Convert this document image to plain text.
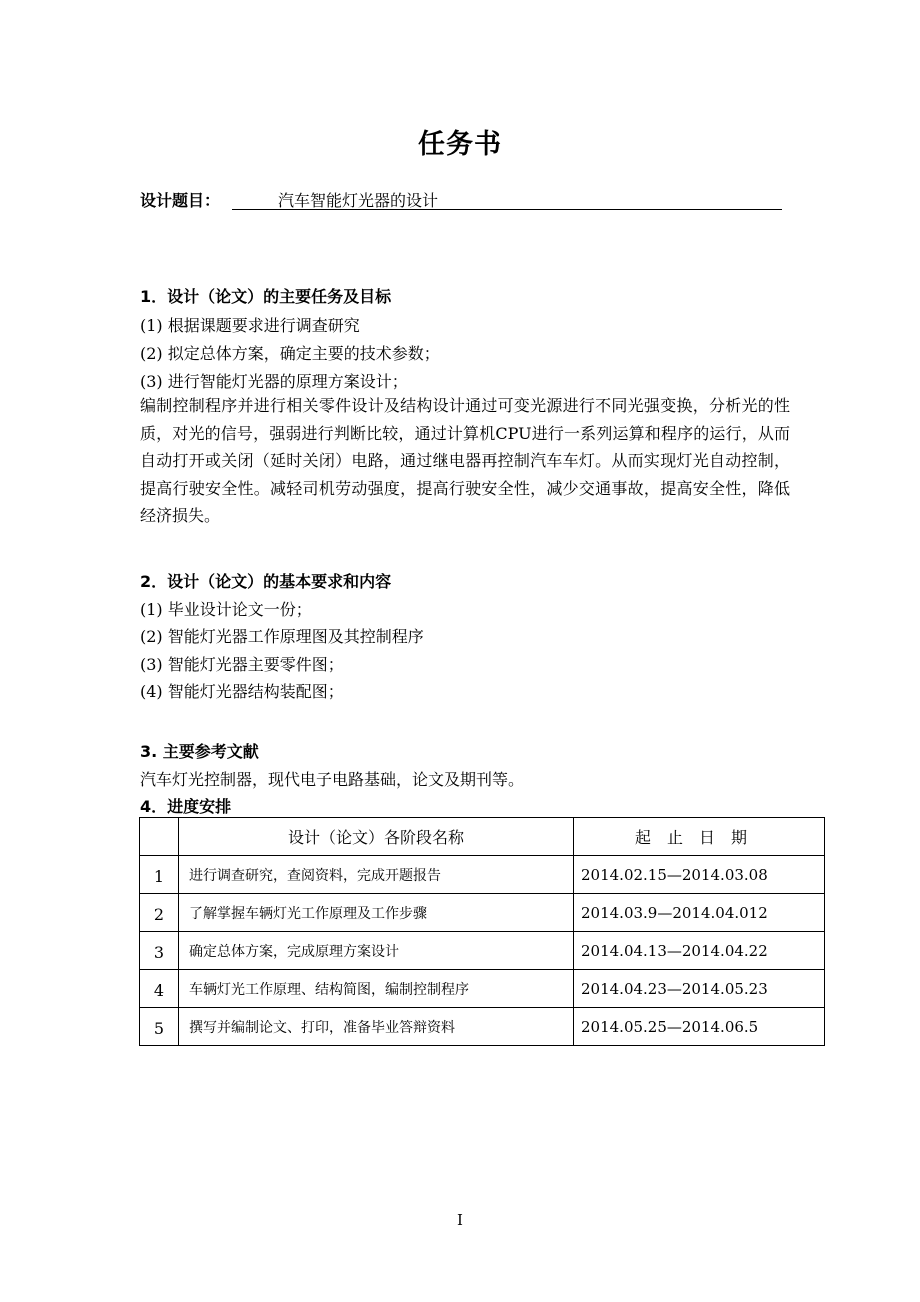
任务书
设计题目：	汽车智能灯光器的设计
1．设计（论文）的主要任务及目标
(1) 根据课题要求进行调查研究
(2) 拟定总体方案，确定主要的技术参数；
(3) 进行智能灯光器的原理方案设计；
编制控制程序并进行相关零件设计及结构设计通过可变光源进行不同光强变换，分析光的性质，对光的信号，强弱进行判断比较，通过计算机CPU进行一系列运算和程序的运行，从而自动打开或关闭（延时关闭）电路，通过继电器再控制汽车车灯。从而实现灯光自动控制，提高行驶安全性。减轻司机劳动强度，提高行驶安全性，减少交通事故，提高安全性，降低经济损失。
2．设计（论文）的基本要求和内容
(1) 毕业设计论文一份；
(2) 智能灯光器工作原理图及其控制程序
(3) 智能灯光器主要零件图；
(4) 智能灯光器结构装配图；
3. 主要参考文献
汽车灯光控制器，现代电子电路基础，论文及期刊等。
4．进度安排
	设计（论文）各阶段名称	起止日期
1	进行调查研究，查阅资料，完成开题报告	2014.02.15—2014.03.08
2	了解掌握车辆灯光工作原理及工作步骤	2014.03.9—2014.04.012
3	确定总体方案，完成原理方案设计	2014.04.13—2014.04.22
4	车辆灯光工作原理、结构简图，编制控制程序	2014.04.23—2014.05.23
5	撰写并编制论文、打印，准备毕业答辩资料	2014.05.25—2014.06.5
I
